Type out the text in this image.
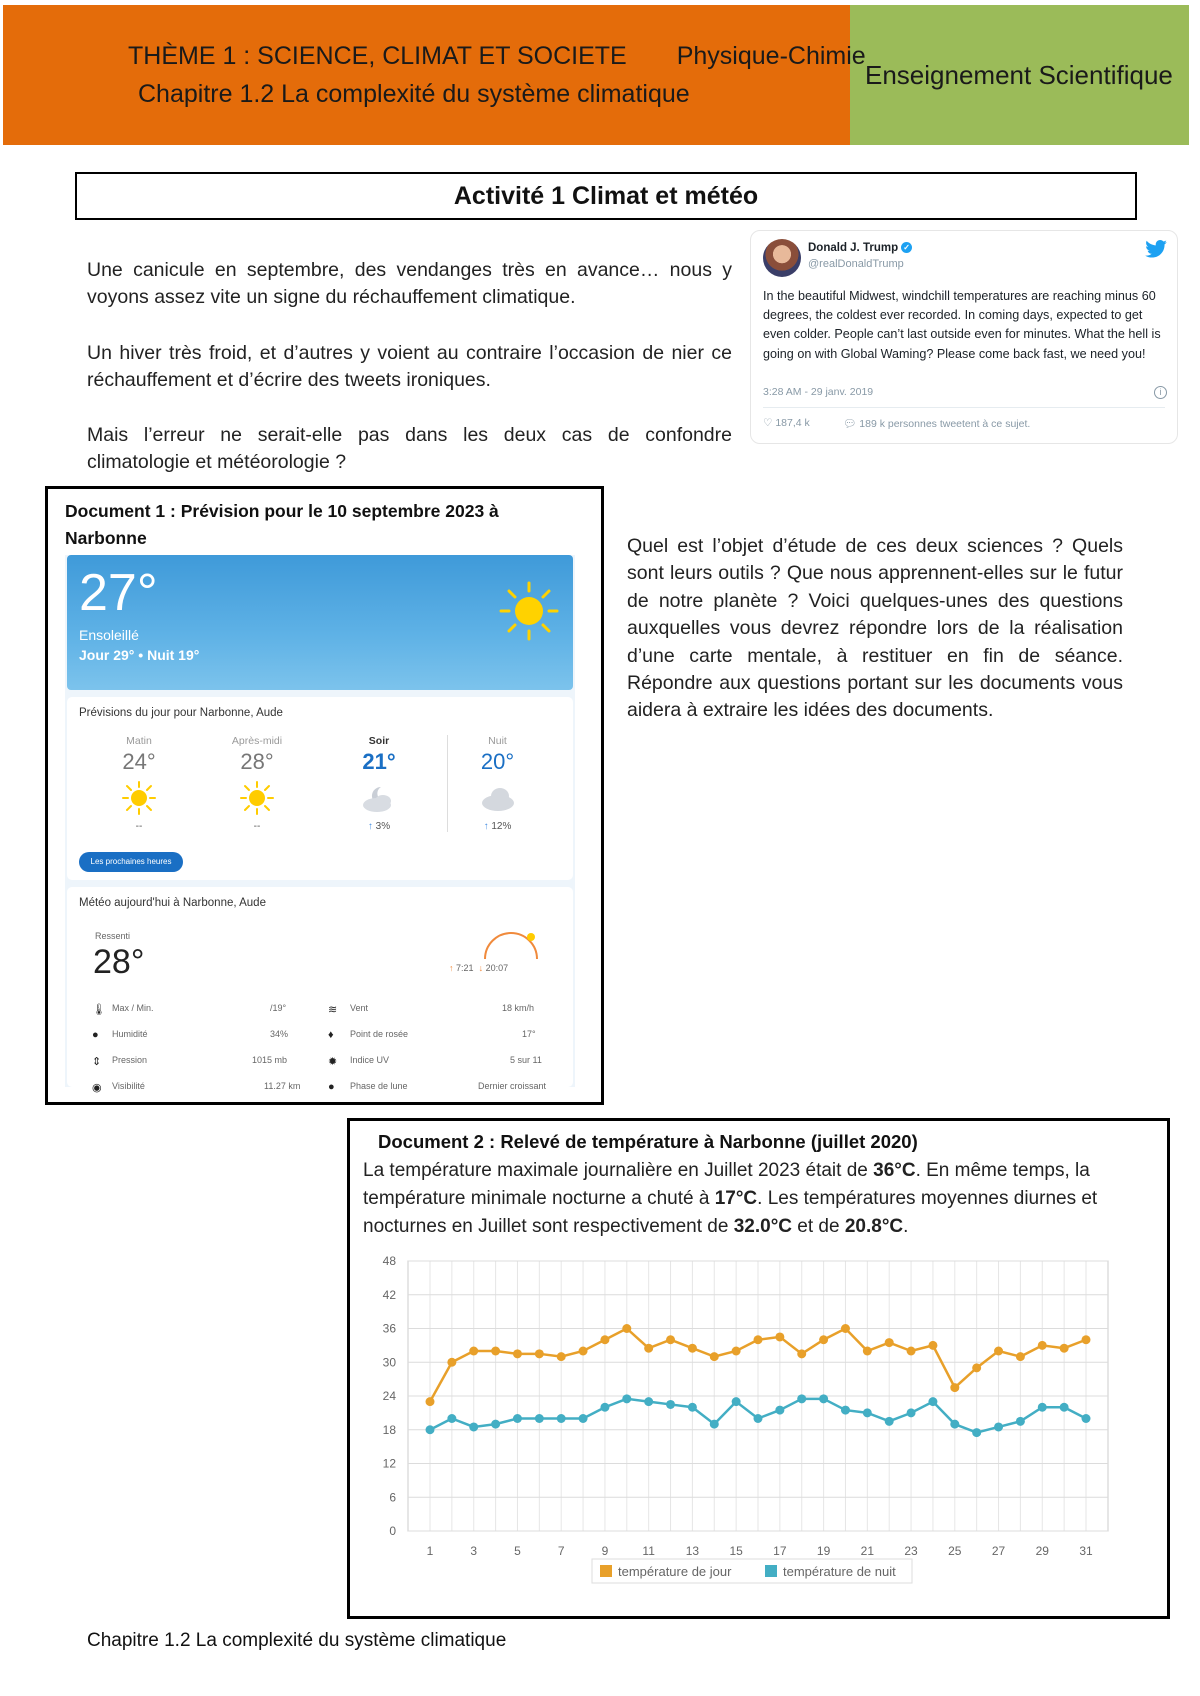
THÈME 1 : SCIENCE, CLIMAT ET SOCIETE Physique-Chimie
Chapitre 1.2 La complexité du système climatique
Enseignement Scientifique
Activité 1 Climat et météo

Une canicule en septembre, des vendanges très en avance… nous y voyons assez vite un signe du réchauffement climatique.

Un hiver très froid, et d’autres y voient au contraire l’occasion de nier ce réchauffement et d’écrire des tweets ironiques.

Mais l’erreur ne serait-elle pas dans les deux cas de confondre climatologie et météorologie ?

Donald J. Trump ✓
@realDonaldTrump
In the beautiful Midwest, windchill temperatures are reaching minus 60 degrees, the coldest ever recorded. In coming days, expected to get even colder. People can’t last outside even for minutes. What the hell is going on with Global Waming? Please come back fast, we need you!
3:28 AM - 29 janv. 2019	i
♡ 187,4 k	💬︎ 189 k personnes tweetent à ce sujet.
Document 1 : Prévision pour le 10 septembre 2023 à Narbonne
27°
Ensoleillé
Jour 29° • Nuit 19°
Prévisions du jour pour Narbonne, Aude
Matin
24°
--
Après-midi
28°
--
Soir
21°
↑ 3%
Nuit
20°
↑ 12%
Les prochaines heures
Météo aujourd'hui à Narbonne, Aude
Ressenti
28°	↑ 7:21 ↓ 20:07
🌡︎ Max / Min.	/19°	≋ Vent	18 km/h
● Humidité	34%	♦ Point de rosée	17°
⇕ Pression	1015 mb	✹ Indice UV	5 sur 11
◉ Visibilité	11.27 km	● Phase de lune	Dernier croissant

Quel est l’objet d’étude de ces deux sciences ? Quels sont leurs outils ? Que nous apprennent-elles sur le futur de notre planète ? Voici quelques-unes des questions auxquelles vous devrez répondre lors de la réalisation d’une carte mentale, à restituer en fin de séance. Répondre aux questions portant sur les documents vous aidera à extraire les idées des documents.

Document 2 : Relevé de température à Narbonne (juillet 2020)

La température maximale journalière en Juillet 2023 était de 36°C. En même temps, la température minimale nocturne a chuté à 17°C. Les températures moyennes diurnes et nocturnes en Juillet sont respectivement de 32.0°C et de 20.8°C.

0
6
12
18
24
30
36
42
48
1	3	5	7	9	11	13	15	17	19	21	23	25	27	29	31
température de jour	température de nuit
Chapitre 1.2 La complexité du système climatique
